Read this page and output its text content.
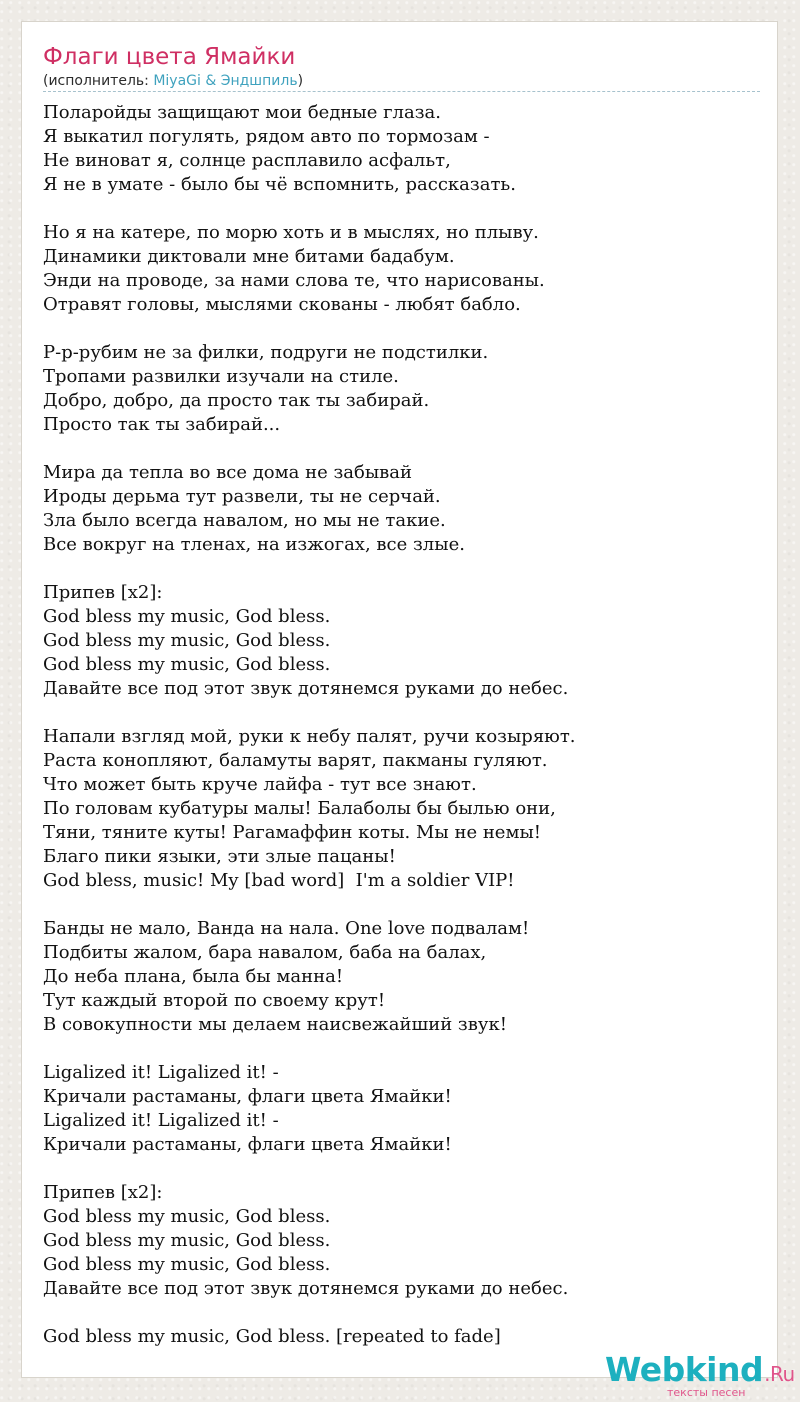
Флаги цвета Ямайки
(исполнитель: MiyaGi & Эндшпиль)
Поларойды защищают мои бедные глаза.
Я выкатил погулять, рядом авто по тормозам -
Не виноват я, солнце расплавило асфальт,
Я не в умате - было бы чё вспомнить, рассказать.
Но я на катере, по морю хоть и в мыслях, но плыву.
Динамики диктовали мне битами бадабум.
Энди на проводе, за нами слова те, что нарисованы.
Отравят головы, мыслями скованы - любят бабло.
Р-р-рубим не за филки, подруги не подстилки.
Тропами развилки изучали на стиле.
Добро, добро, да просто так ты забирай.
Просто так ты забирай...
Мира да тепла во все дома не забывай
Ироды дерьма тут развели, ты не серчай.
Зла было всегда навалом, но мы не такие.
Все вокруг на тленах, на изжогах, все злые.
Припев [x2]:
God bless my music, God bless.
God bless my music, God bless.
God bless my music, God bless.
Давайте все под этот звук дотянемся руками до небес.
Напали взгляд мой, руки к небу палят, ручи козыряют.
Раста конопляют, баламуты варят, пакманы гуляют.
Что может быть круче лайфа - тут все знают.
По головам кубатуры малы! Балаболы бы былью они,
Тяни, тяните куты! Рагамаффин коты. Мы не немы!
Благо пики языки, эти злые пацаны!
God bless, music! My [bad word]  I'm a soldier VIP!
Банды не мало, Ванда на нала. One love подвалам!
Подбиты жалом, бара навалом, баба на балах,
До неба плана, была бы манна!
Тут каждый второй по своему крут!
В совокупности мы делаем наисвежайший звук!
Ligalized it! Ligalized it! -
Кричали растаманы, флаги цвета Ямайки!
Ligalized it! Ligalized it! -
Кричали растаманы, флаги цвета Ямайки!
Припев [x2]:
God bless my music, God bless.
God bless my music, God bless.
God bless my music, God bless.
Давайте все под этот звук дотянемся руками до небес.
God bless my music, God bless. [repeated to fade]
Webkind.Ru
тексты песен
